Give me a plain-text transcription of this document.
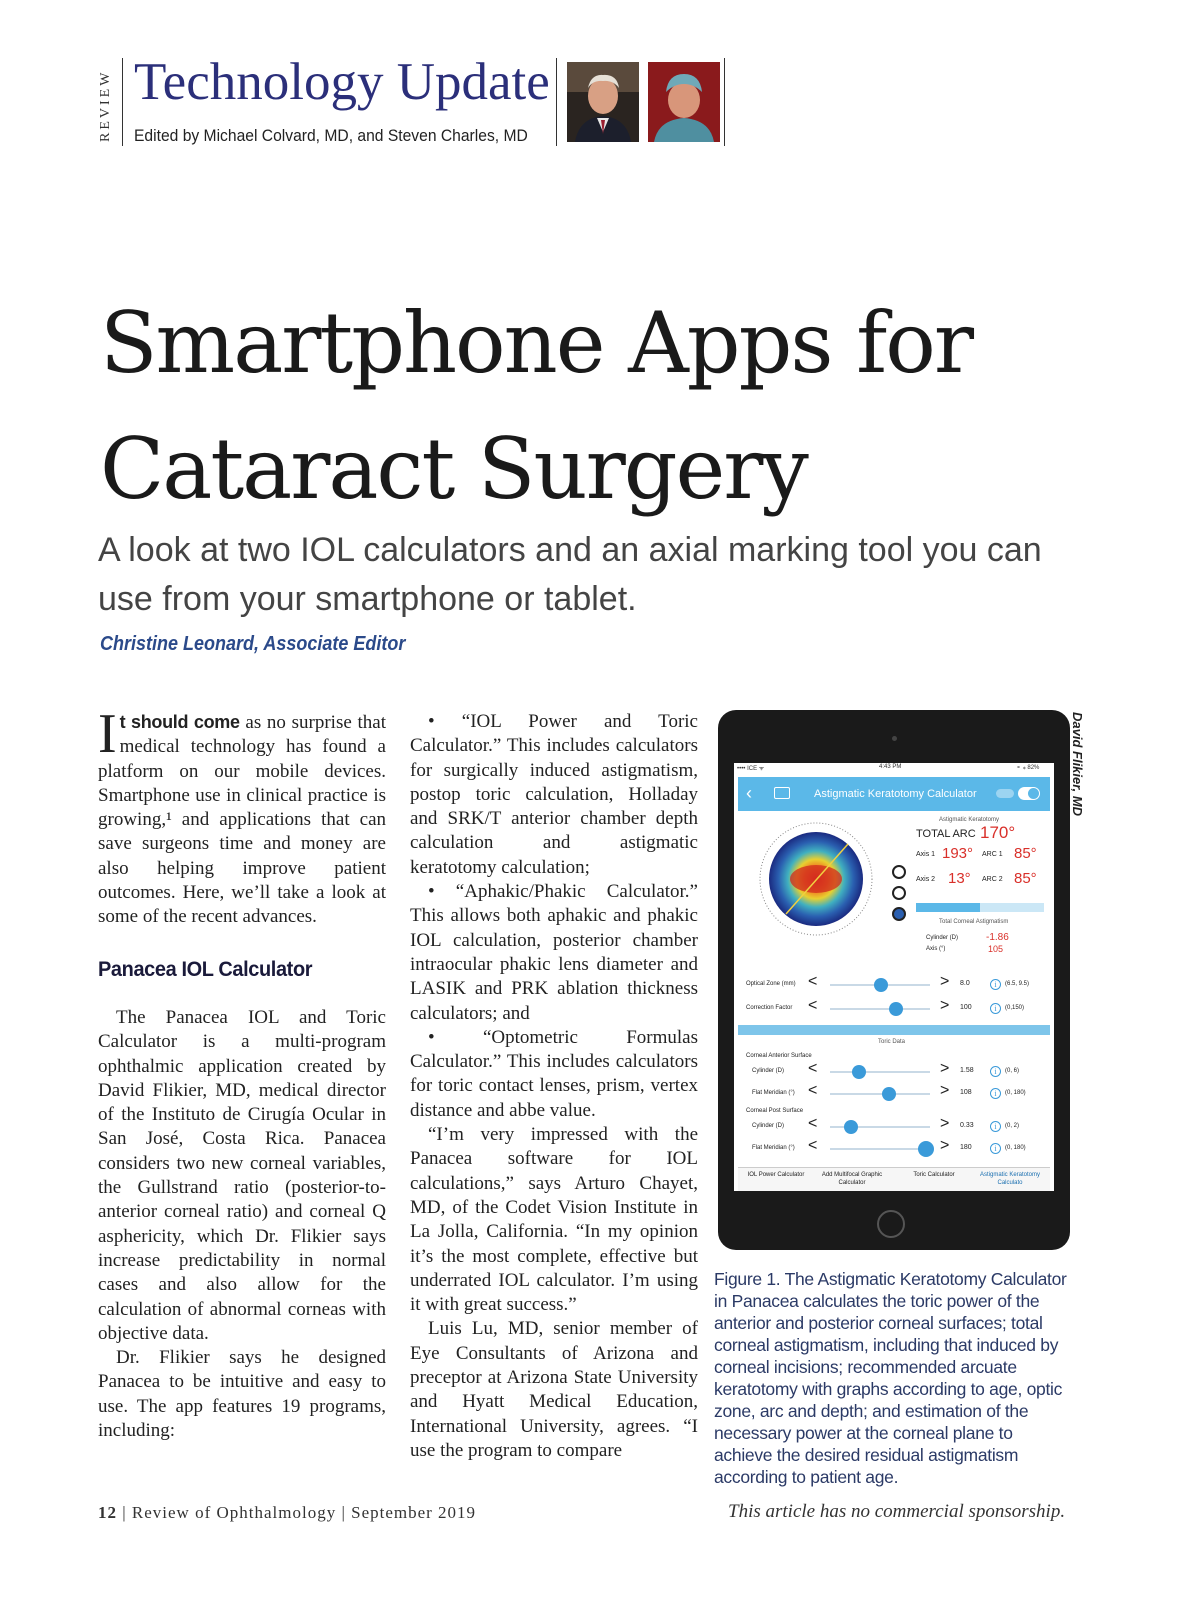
REVIEW Technology Update
Edited by Michael Colvard, MD, and Steven Charles, MD
Smartphone Apps for
Cataract Surgery
A look at two IOL calculators and an axial marking tool you can use from your smartphone or tablet.
Christine Leonard, Associate Editor

It should come as no surprise that medical technology has found a platform on our mobile devices. Smartphone use in clinical practice is growing,¹ and applications that can save surgeons time and money are also helping improve patient outcomes. Here, we’ll take a look at some of the recent advances.

Panacea IOL Calculator

The Panacea IOL and Toric Calculator is a multi-program ophthalmic application created by David Flikier, MD, medical director of the Instituto de Cirugía Ocular in San José, Costa Rica. Panacea considers two new corneal variables, the Gullstrand ratio (posterior-to-anterior corneal ratio) and corneal Q asphericity, which Dr. Flikier says increase predictability in normal cases and also allow for the calculation of abnormal corneas with objective data.

Dr. Flikier says he designed Panacea to be intuitive and easy to use. The app features 19 programs, including:

• “IOL Power and Toric Calculator.” This includes calculators for surgically induced astigmatism, postop toric calculation, Holladay and SRK/T anterior chamber depth calculation and astigmatic keratotomy calculation;

• “Aphakic/Phakic Calculator.” This allows both aphakic and phakic IOL calculation, posterior chamber intraocular phakic lens diameter and LASIK and PRK ablation thickness calculators; and

• “Optometric Formulas Calculator.” This includes calculators for toric contact lenses, prism, vertex distance and abbe value.

“I’m very impressed with the Panacea software for IOL calculations,” says Arturo Chayet, MD, of the Codet Vision Institute in La Jolla, California. “In my opinion it’s the most complete, effective but underrated IOL calculator. I’m using it with great success.”

Luis Lu, MD, senior member of Eye Consultants of Arizona and preceptor at Arizona State University and Hyatt Medical Education, International University, agrees. “I use the program to compare

David Flikier, MD
•••• ICE ᯤ	4:43 PM	⚬ ⁎ 82%
‹	Astigmatic Keratotomy Calculator
Astigmatic Keratotomy
TOTAL ARC 170°
Axis 1 193° ARC 1 85°
Axis 2 13° ARC 2 85°
Total Corneal Astigmatism
Cylinder (D)	-1.86
Axis (°)	105
Optical Zone (mm) <	> 8.0	i	(6.5, 9.5)
Correction Factor <	> 100	i	(0,150)
Toric Data
Corneal Anterior Surface
Cylinder (D) <	> 1.58	i	(0, 6)
Flat Meridian (°) <	> 108	i	(0, 180)
Corneal Post Surface
Cylinder (D) <	> 0.33	i	(0, 2)
Flat Meridian (°) <	> 180	i	(0, 180)
IOL Power Calculator	Add Multifocal Graphic Calculator
Toric Calculator	Astigmatic Keratotomy Calculato
Figure 1. The Astigmatic Keratotomy Calculator in Panacea calculates the toric power of the anterior and posterior corneal surfaces; total corneal astigmatism, including that induced by corneal incisions; recommended arcuate keratotomy with graphs according to age, optic zone, arc and depth; and estimation of the necessary power at the corneal plane to achieve the desired residual astigmatism according to patient age.
12 | Review of Ophthalmology | September 2019	This article has no commercial sponsorship.
